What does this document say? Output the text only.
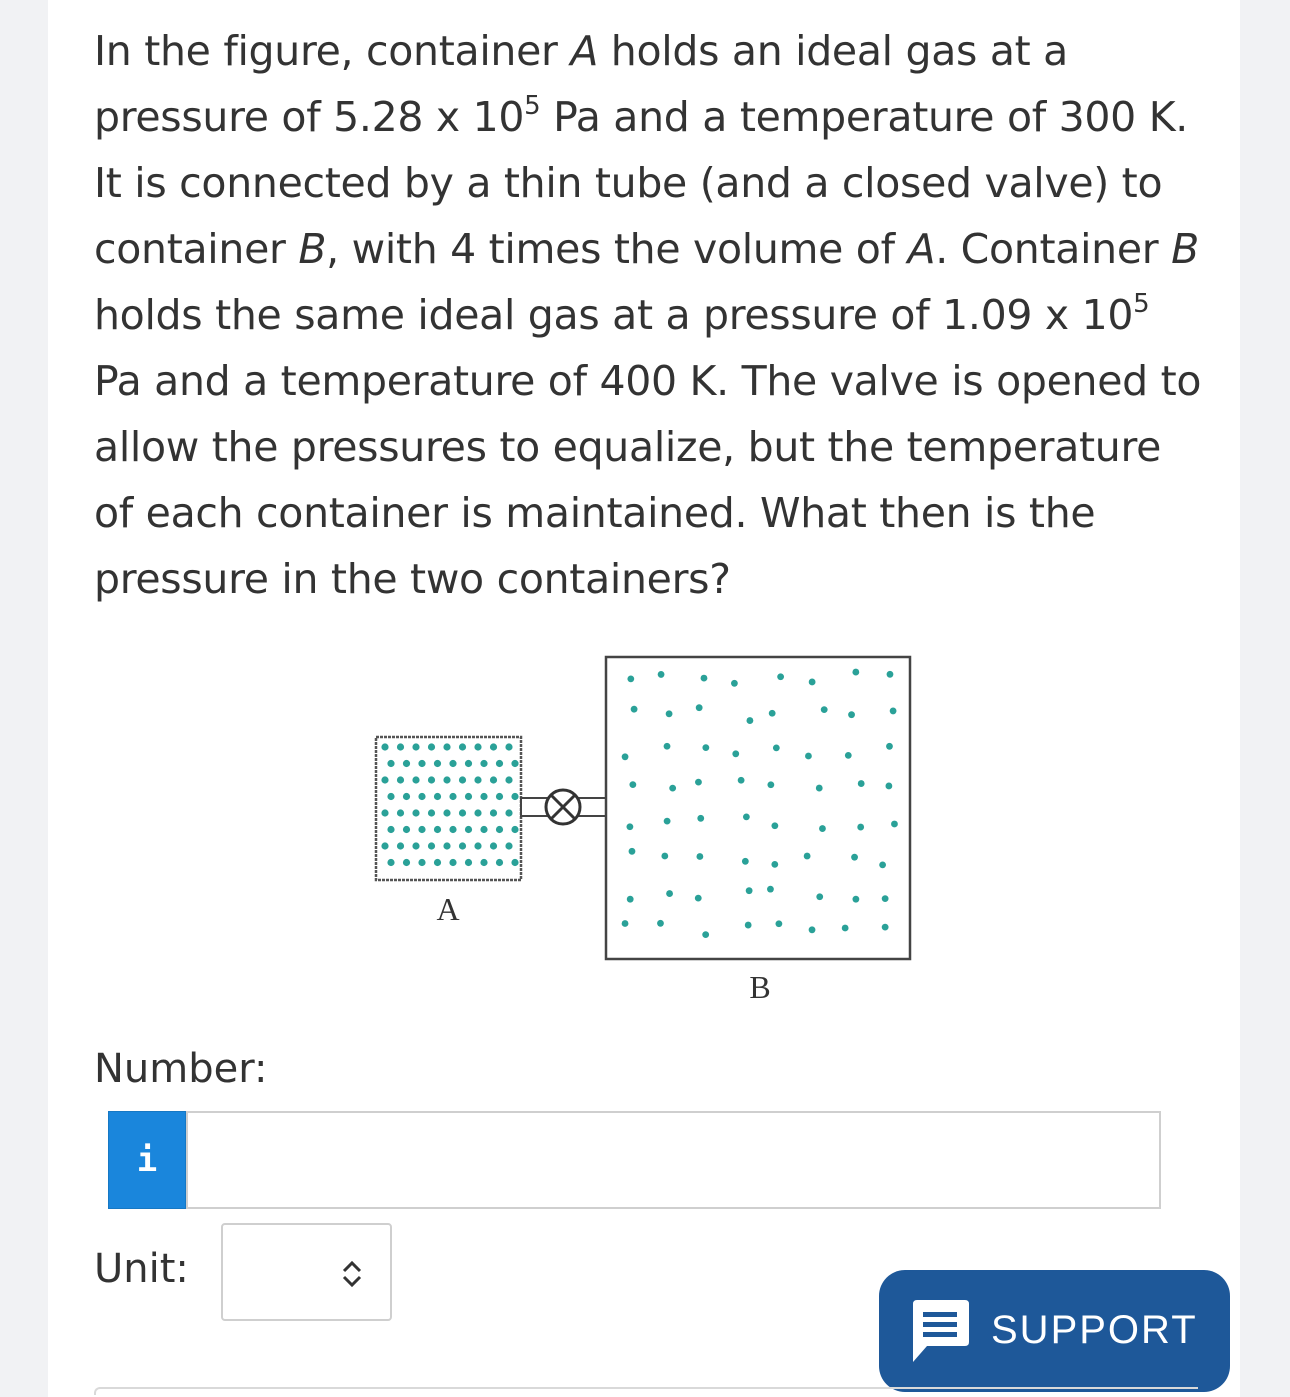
In the figure, container A holds an ideal gas at a pressure of 5.28 x $10^5$ Pa and a temperature of 300 K. It is connected by a thin tube (and a closed valve) to container B, with 4 times the volume of A. Container B holds the same ideal gas at a pressure of 1.09 x $10^5$ Pa and a temperature of 400 K. The valve is opened to allow the pressures to equalize, but the temperature of each container is maintained. What then is the pressure in the two containers?

A
B
Number:
i
Unit:
SUPPORT
